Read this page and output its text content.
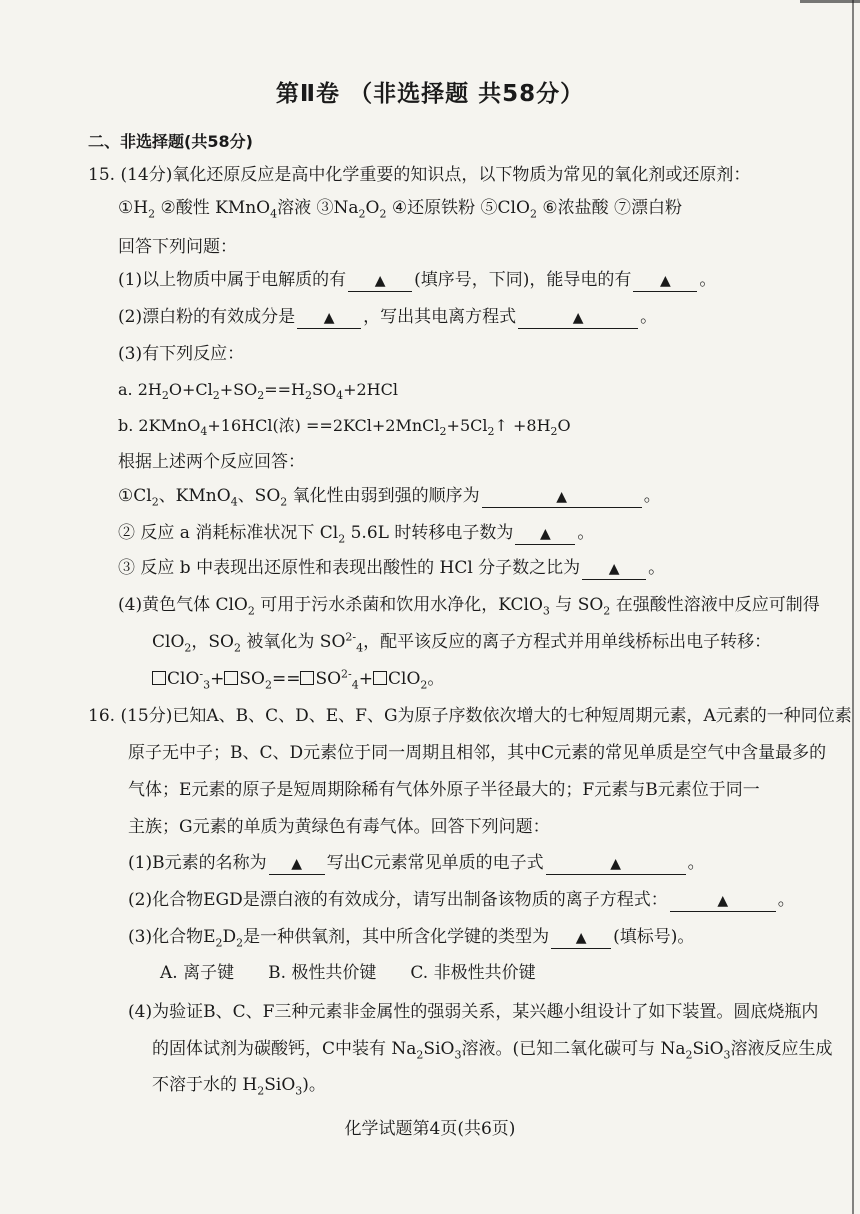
第Ⅱ卷 （非选择题 共58分）
二、非选择题(共58分)
15. (14分)氧化还原反应是高中化学重要的知识点，以下物质为常见的氧化剂或还原剂：
$①H_2$ ②酸性 KMnO$_4$溶液 $③Na_2O_2$ ④还原铁粉 ⑤ClO$_2$ ⑥浓盐酸 ⑦漂白粉
回答下列问题：
(1)以上物质中属于电解质的有 ▲ (填序号，下同)，能导电的有 ▲ 。
(2)漂白粉的有效成分是 ▲ ，写出其电离方程式	▲	。
(3)有下列反应：
a. $2H_2O+Cl_2+SO_2==H_2SO_4+2HCl$
b. 2KMnO$_4$+16HCl(浓) $==2KCl+2MnCl_2+5Cl_2↑ +8H_2O$
根据上述两个反应回答：
$①Cl_2$、KMnO$_4$、$SO_2$ 氧化性由弱到强的顺序为	▲	。
② 反应 a 消耗标准状况下 $Cl_2$ 5.6L 时转移电子数为 ▲ 。
③ 反应 b 中表现出还原性和表现出酸性的 HCl 分子数之比为 ▲ 。
(4)黄色气体 ClO$_2$ 可用于污水杀菌和饮用水净化，KClO$_3$ 与 $SO_2$ 在强酸性溶液中反应可制得
ClO$_2$，$SO_2$ 被氧化为 $SO^{2-}_4$，配平该反应的离子方程式并用单线桥标出电子转移：
$ClO^-_3+ SO_2== SO^{2-}_4+ ClO_2$。
16. (15分)已知A、B、C、D、E、F、G为原子序数依次增大的七种短周期元素，A元素的一种同位素
原子无中子；B、C、D元素位于同一周期且相邻，其中C元素的常见单质是空气中含量最多的
气体；E元素的原子是短周期除稀有气体外原子半径最大的；F元素与B元素位于同一
主族；G元素的单质为黄绿色有毒气体。回答下列问题：
(1)B元素的名称为 ▲ 写出C元素常见单质的电子式	▲	。
(2)化合物EGD是漂白液的有效成分，请写出制备该物质的离子方程式：	▲	。
(3)化合物$E_2D_2$是一种供氧剂，其中所含化学键的类型为 ▲ (填标号)。
A. 离子键　　B. 极性共价键　　C. 非极性共价键
(4)为验证B、C、F三种元素非金属性的强弱关系，某兴趣小组设计了如下装置。圆底烧瓶内
的固体试剂为碳酸钙，C中装有 $Na_2SiO_3$溶液。(已知二氧化碳可与 $Na_2SiO_3$溶液反应生成
不溶于水的 $H_2SiO_3$)。
化学试题第4页(共6页)
